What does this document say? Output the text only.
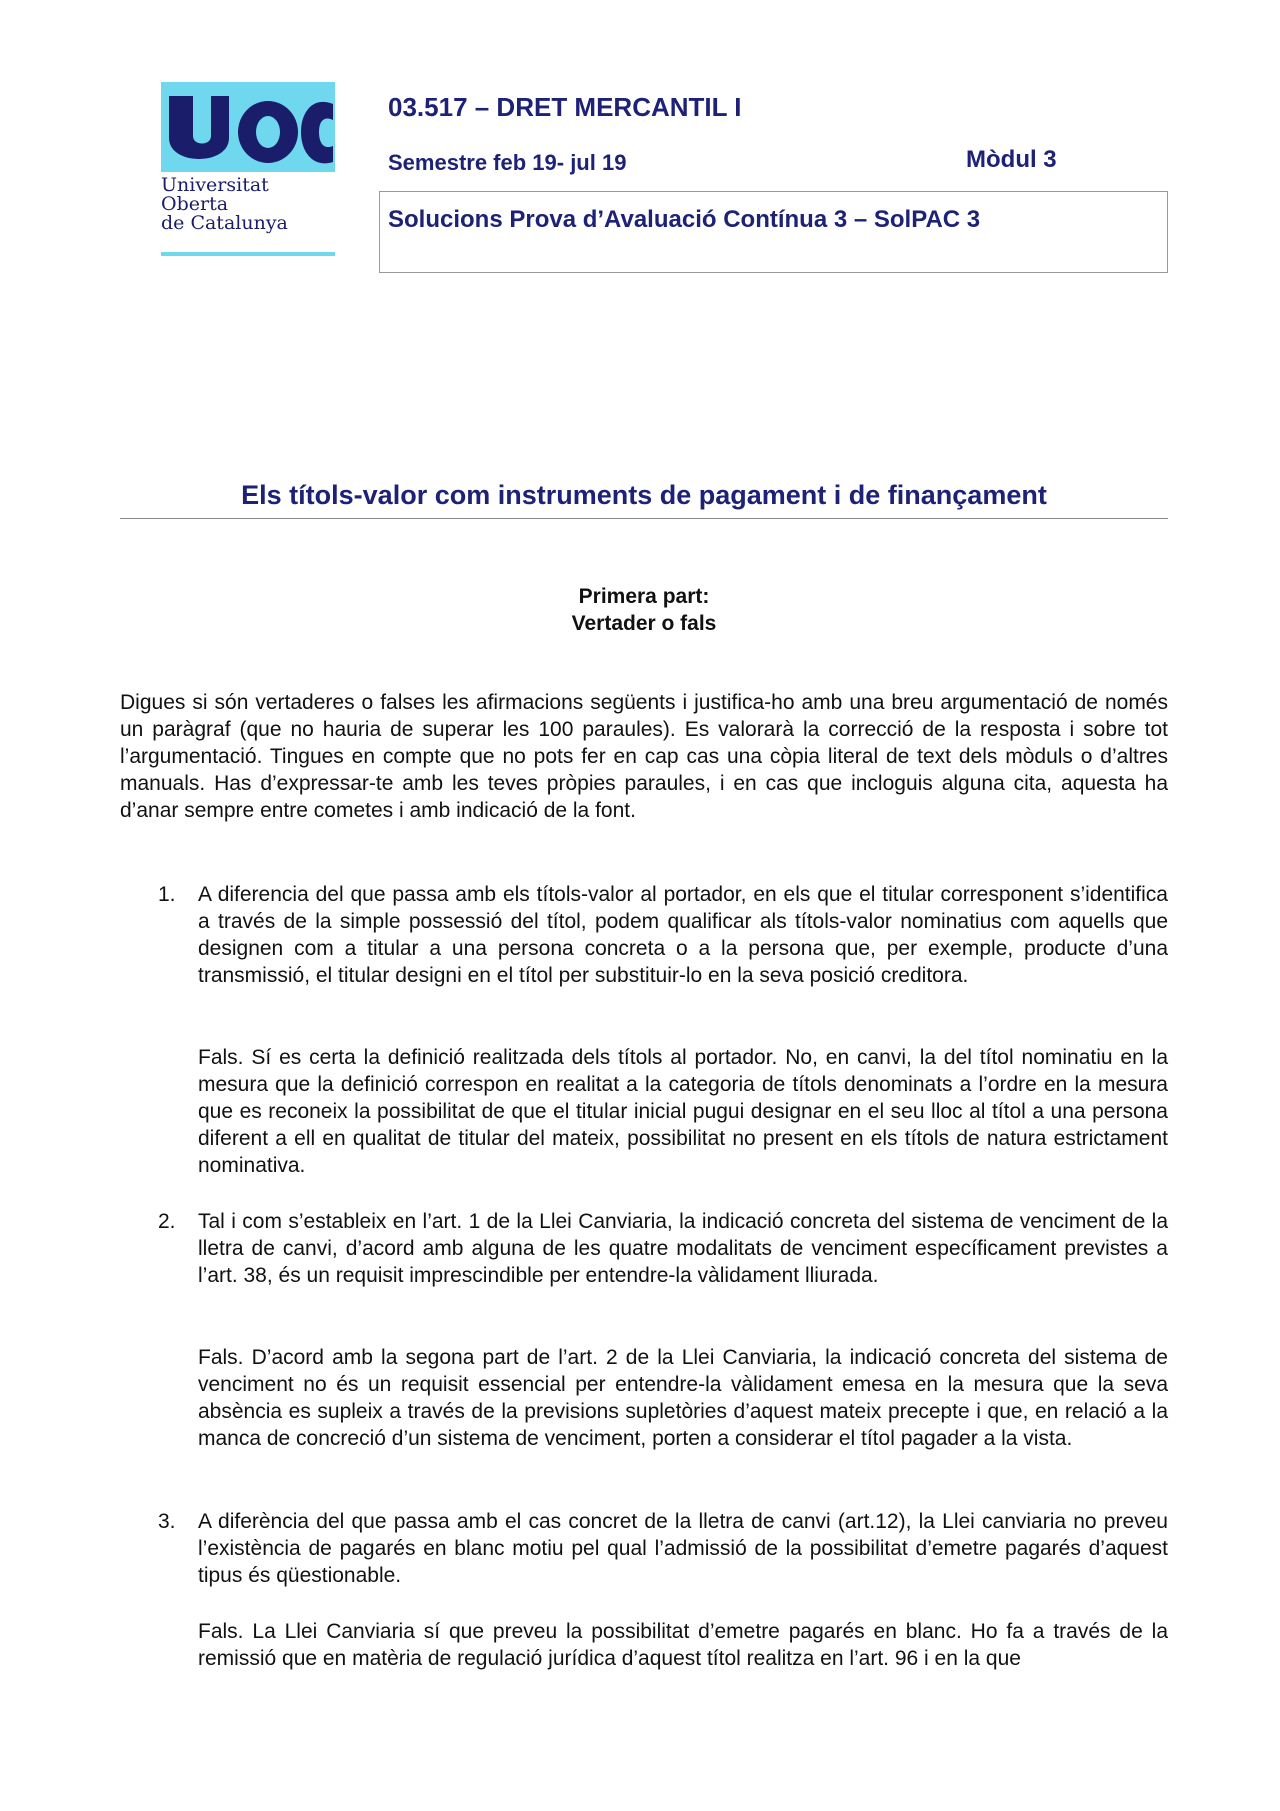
Universitat
Oberta
de Catalunya
03.517 – DRET MERCANTIL I
Semestre feb 19- jul 19	Mòdul 3
Solucions Prova d’Avaluació Contínua 3 – SolPAC 3
Els títols-valor com instruments de pagament i de finançament
Primera part:
Vertader o fals

Digues si són vertaderes o falses les afirmacions següents i justifica-ho amb una breu argumentació de només un paràgraf (que no hauria de superar les 100 paraules). Es valorarà la correcció de la resposta i sobre tot l’argumentació. Tingues en compte que no pots fer en cap cas una còpia literal de text dels mòduls o d’altres manuals. Has d’expressar-te amb les teves pròpies paraules, i en cas que incloguis alguna cita, aquesta ha d’anar sempre entre cometes i amb indicació de la font.

1. A diferencia del que passa amb els títols-valor al portador, en els que el titular corresponent s’identifica a través de la simple possessió del títol, podem qualificar als títols-valor nominatius com aquells que designen com a titular a una persona concreta o a la persona que, per exemple, producte d’una transmissió, el titular designi en el títol per substituir-lo en la seva posició creditora.

Fals. Sí es certa la definició realitzada dels títols al portador. No, en canvi, la del títol nominatiu en la mesura que la definició correspon en realitat a la categoria de títols denominats a l’ordre en la mesura que es reconeix la possibilitat de que el titular inicial pugui designar en el seu lloc al títol a una persona diferent a ell en qualitat de titular del mateix, possibilitat no present en els títols de natura estrictament nominativa.

2. Tal i com s’estableix en l’art. 1 de la Llei Canviaria, la indicació concreta del sistema de venciment de la lletra de canvi, d’acord amb alguna de les quatre modalitats de venciment específicament previstes a l’art. 38, és un requisit imprescindible per entendre-la vàlidament lliurada.

Fals. D’acord amb la segona part de l’art. 2 de la Llei Canviaria, la indicació concreta del sistema de venciment no és un requisit essencial per entendre-la vàlidament emesa en la mesura que la seva absència es supleix a través de la previsions supletòries d’aquest mateix precepte i que, en relació a la manca de concreció d’un sistema de venciment, porten a considerar el títol pagader a la vista.

3. A diferència del que passa amb el cas concret de la lletra de canvi (art.12), la Llei canviaria no preveu l’existència de pagarés en blanc motiu pel qual l’admissió de la possibilitat d’emetre pagarés d’aquest tipus és qüestionable.

Fals. La Llei Canviaria sí que preveu la possibilitat d’emetre pagarés en blanc. Ho fa a través de la remissió que en matèria de regulació jurídica d’aquest títol realitza en l’art. 96 i en la que
